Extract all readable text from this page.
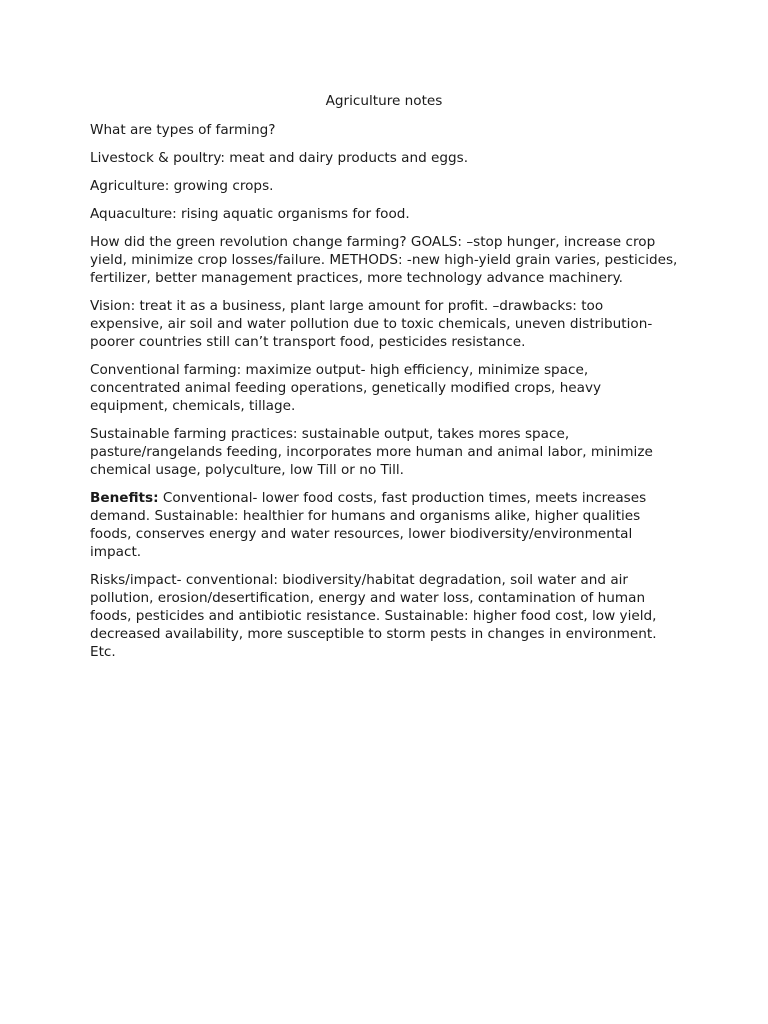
Agriculture notes

What are types of farming?

Livestock & poultry: meat and dairy products and eggs.

Agriculture: growing crops.

Aquaculture: rising aquatic organisms for food.

How did the green revolution change farming? GOALS: –stop hunger, increase crop yield, minimize crop losses/failure. METHODS: -new high-yield grain varies, pesticides, fertilizer, better management practices, more technology advance machinery.

Vision: treat it as a business, plant large amount for profit. –drawbacks: too expensive, air soil and water pollution due to toxic chemicals, uneven distribution-poorer countries still can’t transport food, pesticides resistance.

Conventional farming: maximize output- high efficiency, minimize space, concentrated animal feeding operations, genetically modified crops, heavy equipment, chemicals, tillage.

Sustainable farming practices: sustainable output, takes mores space, pasture/rangelands feeding, incorporates more human and animal labor, minimize chemical usage, polyculture, low Till or no Till.

Benefits: Conventional- lower food costs, fast production times, meets increases demand. Sustainable: healthier for humans and organisms alike, higher qualities foods, conserves energy and water resources, lower biodiversity/environmental impact.

Risks/impact- conventional: biodiversity/habitat degradation, soil water and air pollution, erosion/desertification, energy and water loss, contamination of human foods, pesticides and antibiotic resistance. Sustainable: higher food cost, low yield, decreased availability, more susceptible to storm pests in changes in environment. Etc.
